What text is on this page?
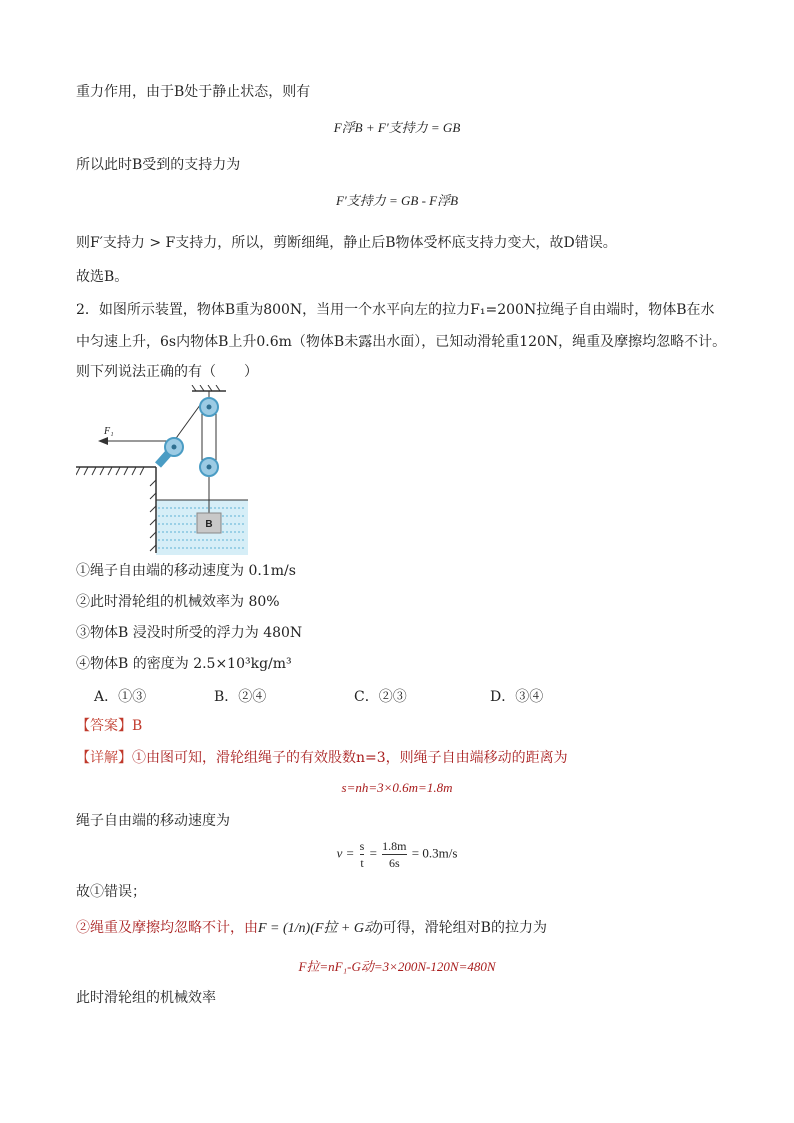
重力作用，由于B处于静止状态，则有
F浮B + F′支持力 = GB
所以此时B受到的支持力为
F′支持力 = GB - F浮B
则F′支持力 > F支持力，所以，剪断细绳，静止后B物体受杯底支持力变大，故D错误。
故选B。
2．如图所示装置，物体B重为800N，当用一个水平向左的拉力F₁=200N拉绳子自由端时，物体B在水
中匀速上升，6s内物体B上升0.6m（物体B未露出水面），已知动滑轮重120N，绳重及摩擦均忽略不计。
则下列说法正确的有（　　）
F₁
B
①绳子自由端的移动速度为 0.1m/s
②此时滑轮组的机械效率为 80%
③物体B 浸没时所受的浮力为 480N
④物体B 的密度为 2.5×10³kg/m³
A．①③	B．②④	C．②③	D．③④
【答案】B
【详解】①由图可知，滑轮组绳子的有效股数n=3，则绳子自由端移动的距离为
s=nh=3×0.6m=1.8m
绳子自由端的移动速度为
$v = \frac{s}{t} = \frac{1.8m}{6s} = 0.3m/s$
故①错误；
②绳重及摩擦均忽略不计，由F = (1/n)(F拉 + G动)可得，滑轮组对B的拉力为
F拉=nF₁-G动=3×200N-120N=480N
此时滑轮组的机械效率
